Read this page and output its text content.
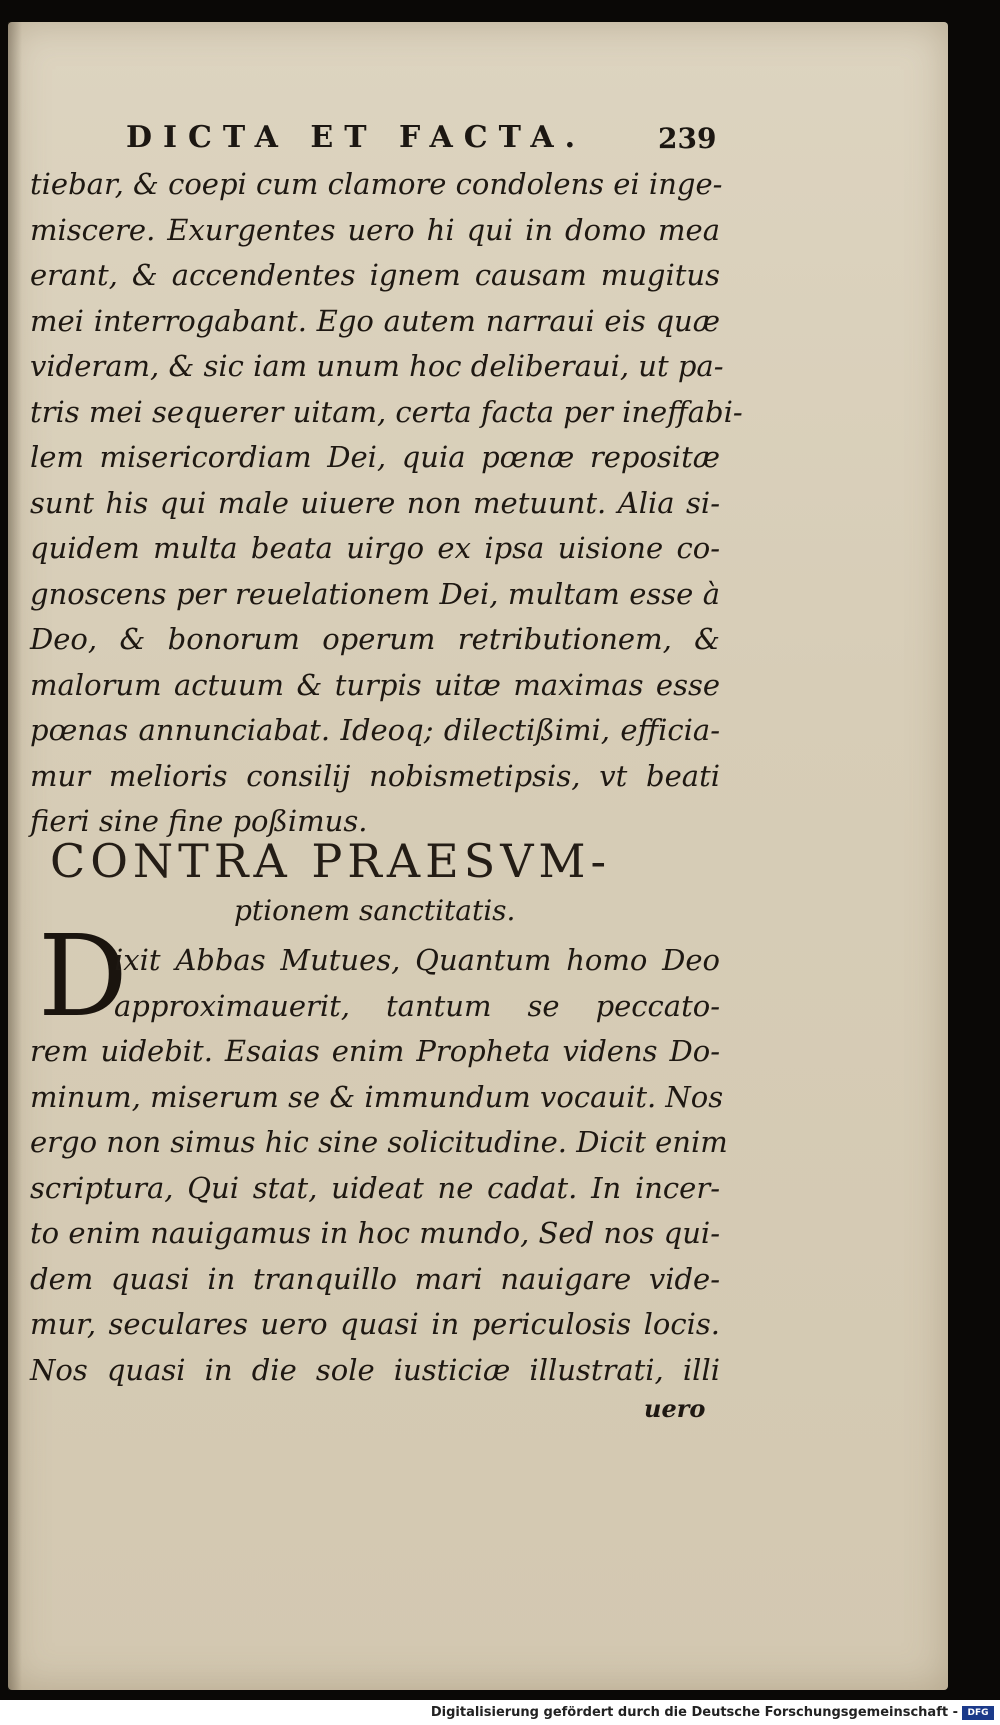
DICTA ET FACTA.	239
tiebar, & coepi cum clamore condolens ei inge-
miscere. Exurgentes uero hi qui in domo mea
erant, & accendentes ignem causam mugitus
mei interrogabant. Ego autem narraui eis quæ
videram, & sic iam unum hoc deliberaui, ut pa-
tris mei sequerer uitam, certa facta per ineffabi-
lem misericordiam Dei, quia pœnæ repositæ
sunt his qui male uiuere non metuunt. Alia si-
quidem multa beata uirgo ex ipsa uisione co-
gnoscens per reuelationem Dei, multam esse à
Deo, & bonorum operum retributionem, &
malorum actuum & turpis uitæ maximas esse
pœnas annunciabat. Ideoq; dilectißimi, efficia-
mur melioris consilij nobismetipsis, vt beati
fieri sine fine poßimus.
CONTRA PRAESVM-
ptionem sanctitatis.
D
ixit Abbas Mutues, Quantum homo Deo
approximauerit, tantum se peccato-
rem uidebit. Esaias enim Propheta videns Do-
minum, miserum se & immundum vocauit. Nos
ergo non simus hic sine solicitudine. Dicit enim
scriptura, Qui stat, uideat ne cadat. In incer-
to enim nauigamus in hoc mundo, Sed nos qui-
dem quasi in tranquillo mari nauigare vide-
mur, seculares uero quasi in periculosis locis.
Nos quasi in die sole iusticiæ illustrati, illi
uero
Digitalisierung gefördert durch die Deutsche Forschungsgemeinschaft -	DFG
